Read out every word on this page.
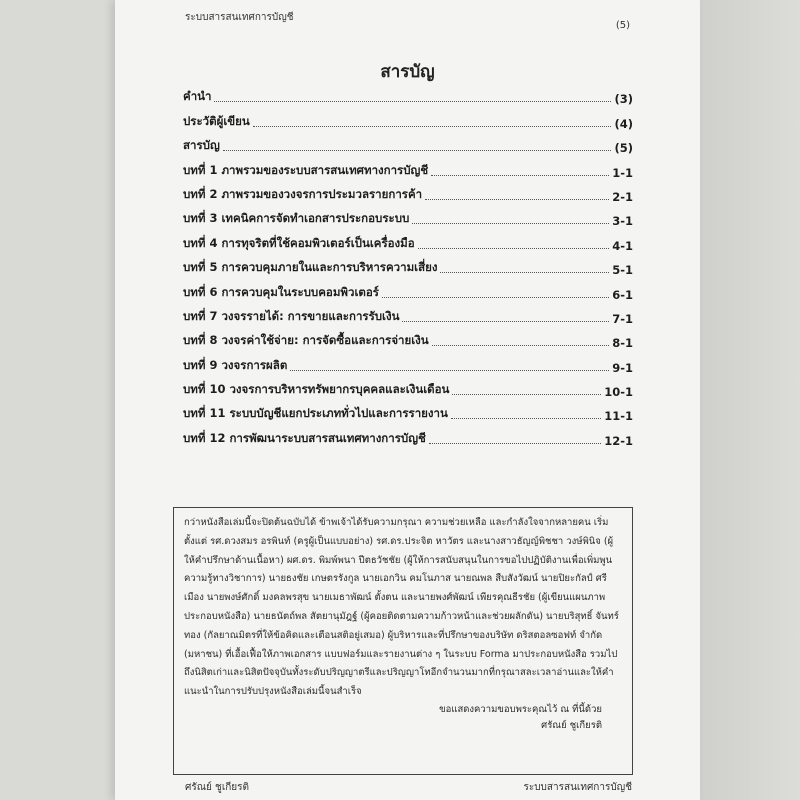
ระบบสารสนเทศการบัญชี
(5)
สารบัญ
คำนำ	(3)
ประวัติผู้เขียน	(4)
สารบัญ	(5)
บทที่ 1 ภาพรวมของระบบสารสนเทศทางการบัญชี	1-1
บทที่ 2 ภาพรวมของวงจรการประมวลรายการค้า	2-1
บทที่ 3 เทคนิคการจัดทำเอกสารประกอบระบบ	3-1
บทที่ 4 การทุจริตที่ใช้คอมพิวเตอร์เป็นเครื่องมือ	4-1
บทที่ 5 การควบคุมภายในและการบริหารความเสี่ยง	5-1
บทที่ 6 การควบคุมในระบบคอมพิวเตอร์	6-1
บทที่ 7 วงจรรายได้: การขายและการรับเงิน	7-1
บทที่ 8 วงจรค่าใช้จ่าย: การจัดซื้อและการจ่ายเงิน	8-1
บทที่ 9 วงจรการผลิต	9-1
บทที่ 10 วงจรการบริหารทรัพยากรบุคคลและเงินเดือน	10-1
บทที่ 11 ระบบบัญชีแยกประเภททั่วไปและการรายงาน	11-1
บทที่ 12 การพัฒนาระบบสารสนเทศทางการบัญชี	12-1
กว่าหนังสือเล่มนี้จะปิดต้นฉบับได้ ข้าพเจ้าได้รับความกรุณา ความช่วยเหลือ และกำลังใจจากหลายคน เริ่มตั้งแต่ รศ.ดวงสมร อรพินท์ (ครูผู้เป็นแบบอย่าง) รศ.ดร.ประจิต หาวัตร และนางสาวธัญญ์พิชชา วงษ์พินิจ (ผู้ให้คำปรึกษาด้านเนื้อหา) ผศ.ดร. พิมพ์พนา ปีตธวัชชัย (ผู้ให้การสนับสนุนในการขอไปปฏิบัติงานเพื่อเพิ่มพูนความรู้ทางวิชาการ) นายธงชัย เกษตรรังกูล นายเอกวิน คมโนภาส นายณพล สืบสังวัฒน์ นายปิยะกัลป์ ศรีเมือง นายพงษ์ศักดิ์ มงคลพรสุข นายเมธาพัฒน์ ตั้งตน และนายพงศ์พัฒน์ เพียรคุณธีรชัย (ผู้เขียนแผนภาพประกอบหนังสือ) นายธนัตถ์พล สัตยานุมัฎฐ์ (ผู้คอยติดตามความก้าวหน้าและช่วยผลักดัน) นายบริสุทธิ์ จันทร์ทอง (กัลยาณมิตรที่ให้ข้อคิดและเตือนสติอยู่เสมอ) ผู้บริหารและที่ปรึกษาของบริษัท ดริสตอลซอฟท์ จำกัด (มหาชน) ที่เอื้อเฟื้อให้ภาพเอกสาร แบบฟอร์มและรายงานต่าง ๆ ในระบบ Forma มาประกอบหนังสือ รวมไปถึงนิสิตเก่าและนิสิตปัจจุบันทั้งระดับปริญญาตรีและปริญญาโทอีกจำนวนมากที่กรุณาสละเวลาอ่านและให้คำแนะนำในการปรับปรุงหนังสือเล่มนี้จนสำเร็จ
ขอแสดงความขอบพระคุณไว้ ณ ที่นี้ด้วย
ศรัณย์ ชูเกียรติ
ศรัณย์ ชูเกียรติ	ระบบสารสนเทศการบัญชี
